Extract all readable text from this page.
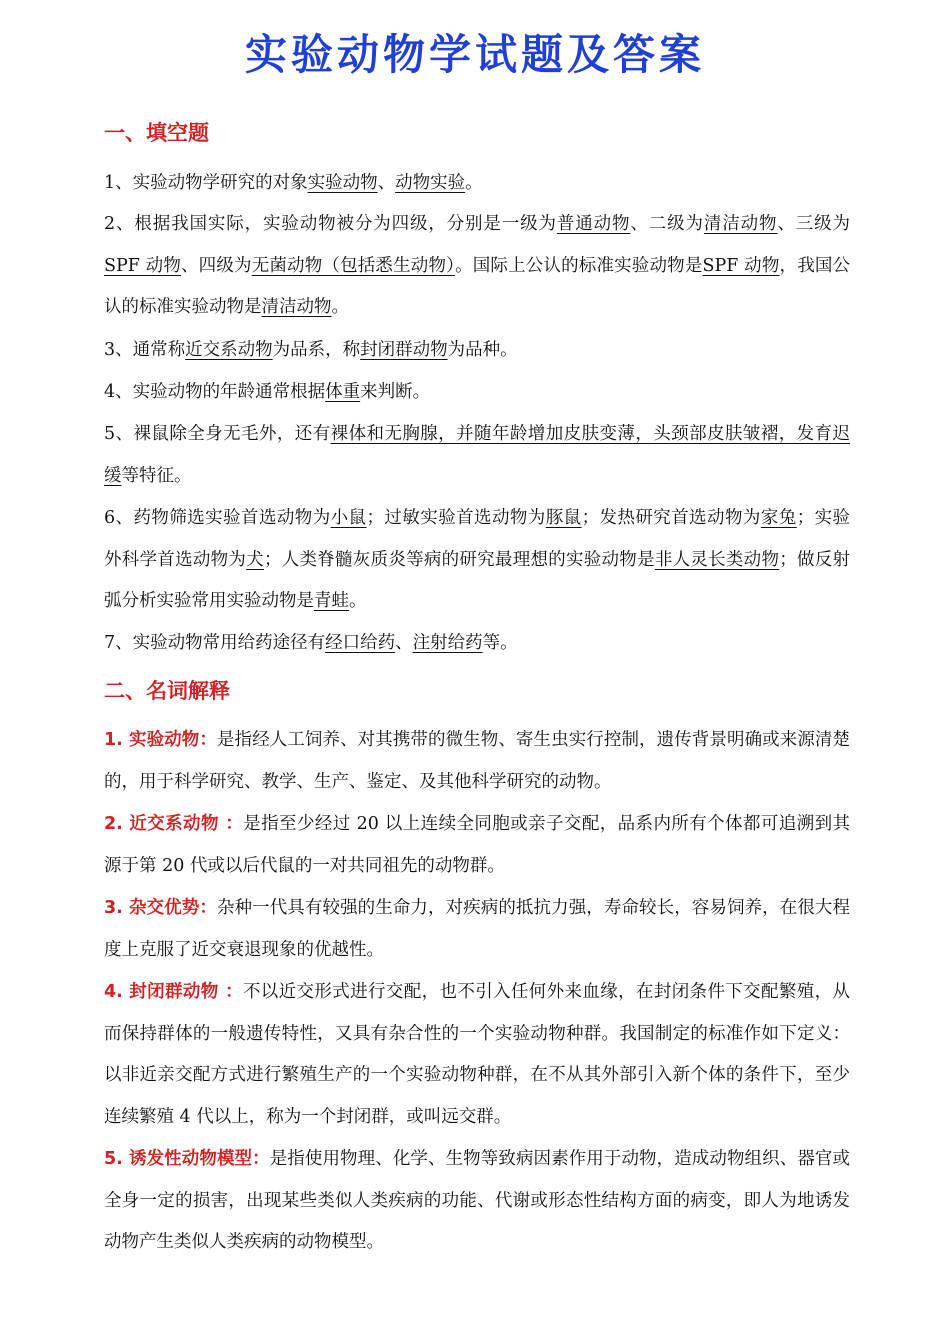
实验动物学试题及答案
一、填空题
1、实验动物学研究的对象实验动物、动物实验。
2、根据我国实际，实验动物被分为四级，分别是一级为普通动物、二级为清洁动物、三级为SPF 动物、四级为无菌动物（包括悉生动物）。国际上公认的标准实验动物是SPF 动物，我国公认的标准实验动物是清洁动物。
3、通常称近交系动物为品系，称封闭群动物为品种。
4、实验动物的年龄通常根据体重来判断。
5、裸鼠除全身无毛外，还有裸体和无胸腺，并随年龄增加皮肤变薄，头颈部皮肤皱褶，发育迟缓等特征。
6、药物筛选实验首选动物为小鼠；过敏实验首选动物为豚鼠；发热研究首选动物为家兔；实验外科学首选动物为犬；人类脊髓灰质炎等病的研究最理想的实验动物是非人灵长类动物；做反射弧分析实验常用实验动物是青蛙。
7、实验动物常用给药途径有经口给药、注射给药等。
二、名词解释
1. 实验动物：是指经人工饲养、对其携带的微生物、寄生虫实行控制，遗传背景明确或来源清楚的，用于科学研究、教学、生产、鉴定、及其他科学研究的动物。
2. 近交系动物 ：是指至少经过 20 以上连续全同胞或亲子交配，品系内所有个体都可追溯到其源于第 20 代或以后代鼠的一对共同祖先的动物群。
3. 杂交优势：杂种一代具有较强的生命力，对疾病的抵抗力强，寿命较长，容易饲养，在很大程度上克服了近交衰退现象的优越性。
4. 封闭群动物 ：不以近交形式进行交配，也不引入任何外来血缘，在封闭条件下交配繁殖，从而保持群体的一般遗传特性，又具有杂合性的一个实验动物种群。我国制定的标准作如下定义：以非近亲交配方式进行繁殖生产的一个实验动物种群，在不从其外部引入新个体的条件下，至少连续繁殖 4 代以上，称为一个封闭群，或叫远交群。
5. 诱发性动物模型：是指使用物理、化学、生物等致病因素作用于动物，造成动物组织、器官或全身一定的损害，出现某些类似人类疾病的功能、代谢或形态性结构方面的病变，即人为地诱发动物产生类似人类疾病的动物模型。
